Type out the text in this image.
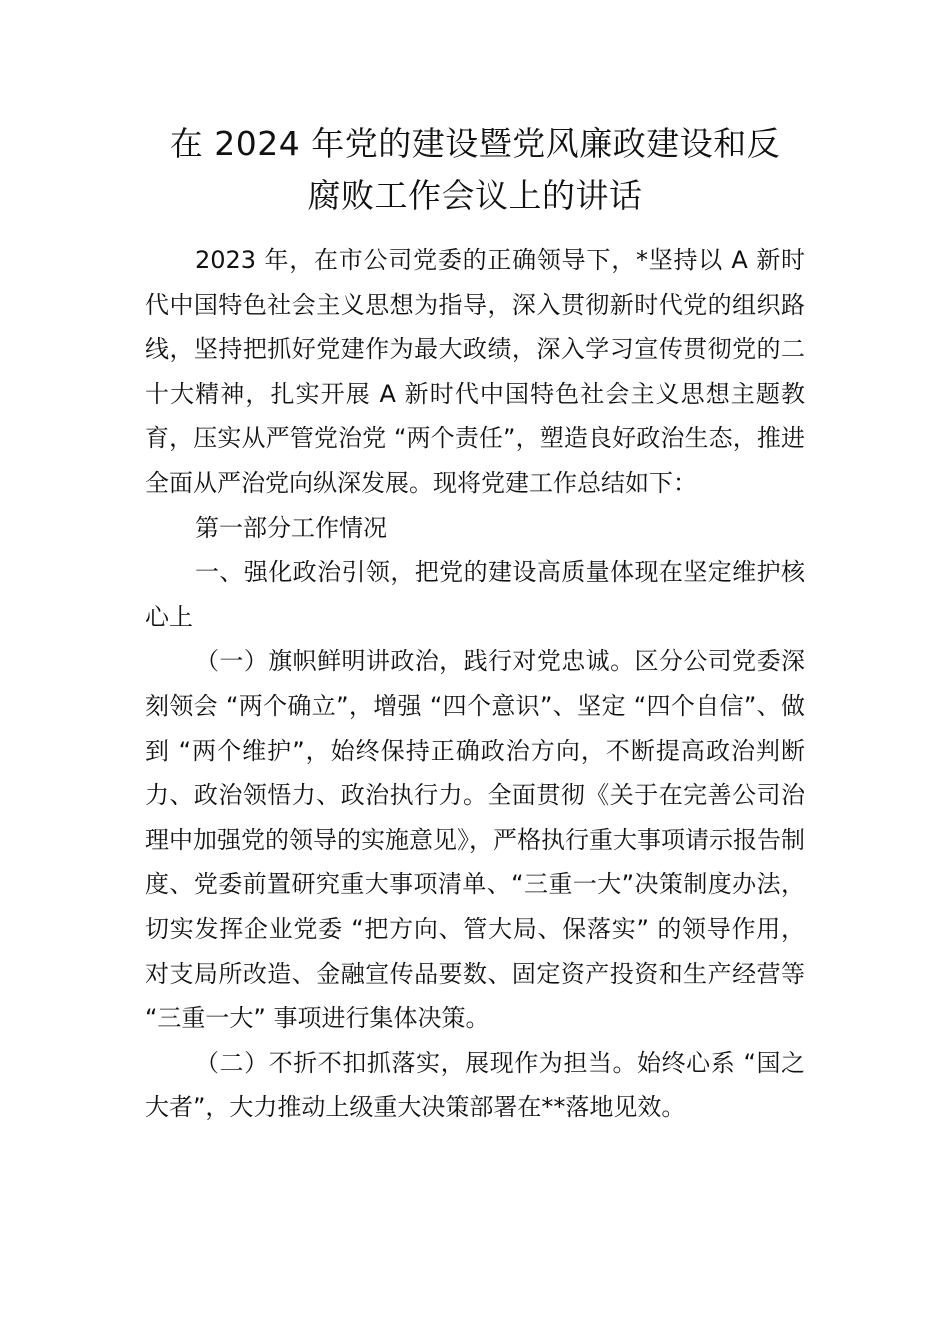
在 2024 年党的建设暨党风廉政建设和反
腐败工作会议上的讲话

2023 年，在市公司党委的正确领导下，*坚持以 A 新时代中国特色社会主义思想为指导，深入贯彻新时代党的组织路线，坚持把抓好党建作为最大政绩，深入学习宣传贯彻党的二十大精神，扎实开展 A 新时代中国特色社会主义思想主题教育，压实从严管党治党 “两个责任”，塑造良好政治生态，推进全面从严治党向纵深发展。现将党建工作总结如下：

第一部分工作情况

一、强化政治引领，把党的建设高质量体现在坚定维护核心上

（一）旗帜鲜明讲政治，践行对党忠诚。区分公司党委深刻领会 “两个确立”，增强 “四个意识”、坚定 “四个自信”、做到 “两个维护”，始终保持正确政治方向，不断提高政治判断力、政治领悟力、政治执行力。全面贯彻《关于在完善公司治理中加强党的领导的实施意见》，严格执行重大事项请示报告制度、党委前置研究重大事项清单、“三重一大”决策制度办法，切实发挥企业党委 “把方向、管大局、保落实” 的领导作用，对支局所改造、金融宣传品要数、固定资产投资和生产经营等 “三重一大” 事项进行集体决策。

（二）不折不扣抓落实，展现作为担当。始终心系 “国之大者”，大力推动上级重大决策部署在**落地见效。
